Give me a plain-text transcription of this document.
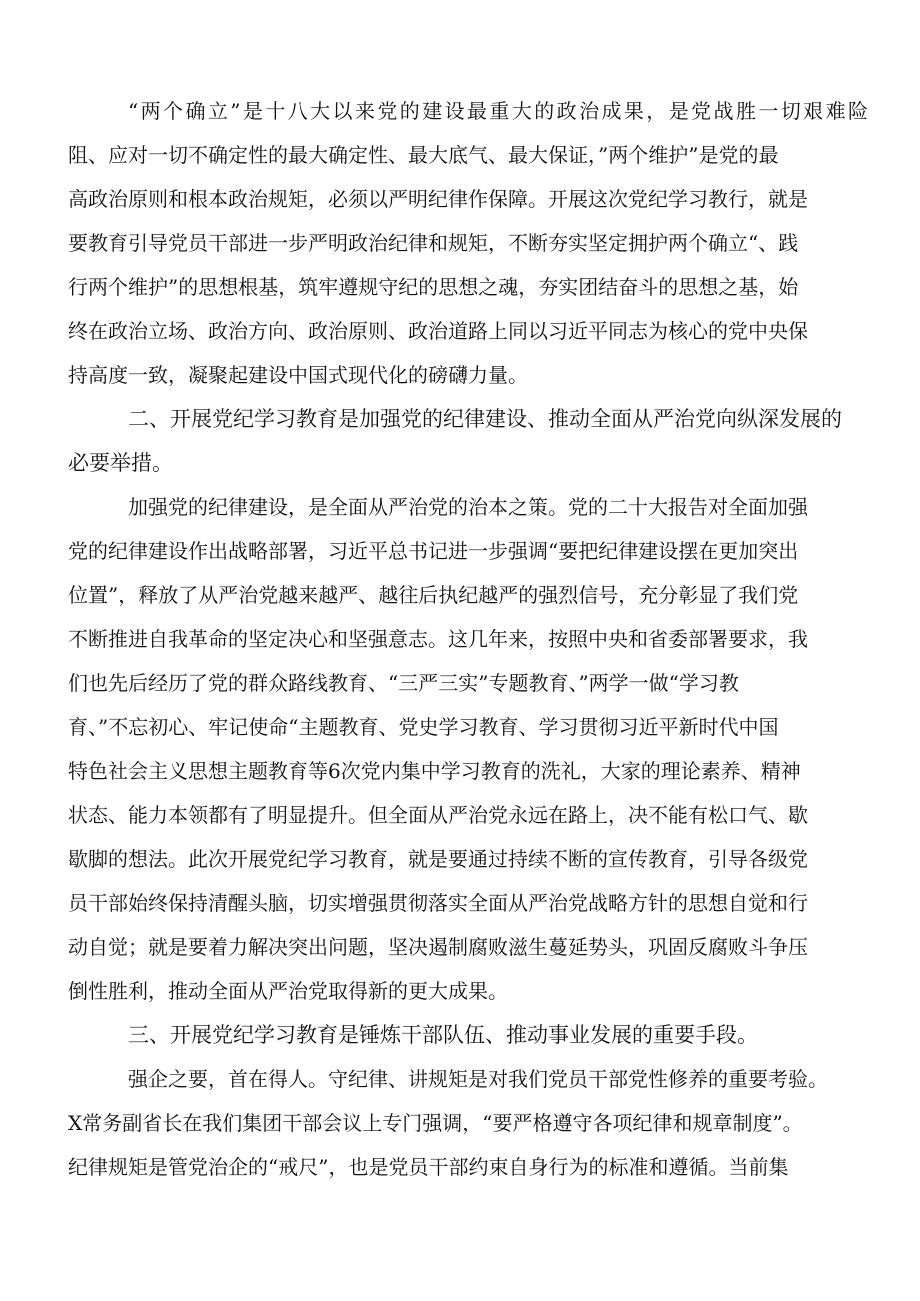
“两个确立”是十八大以来党的建设最重大的政治成果，是党战胜一切艰难险
阻、应对一切不确定性的最大确定性、最大底气、最大保证，”两个维护”是党的最
高政治原则和根本政治规矩，必须以严明纪律作保障。开展这次党纪学习教行，就是
要教育引导党员干部进一步严明政治纪律和规矩，不断夯实坚定拥护两个确立“、践
行两个维护”的思想根基，筑牢遵规守纪的思想之魂，夯实团结奋斗的思想之基，始
终在政治立场、政治方向、政治原则、政治道路上同以习近平同志为核心的党中央保
持高度一致，凝聚起建设中国式现代化的磅礴力量。
二、开展党纪学习教育是加强党的纪律建设、推动全面从严治党向纵深发展的
必要举措。
加强党的纪律建设，是全面从严治党的治本之策。党的二十大报告对全面加强
党的纪律建设作出战略部署，习近平总书记进一步强调“要把纪律建设摆在更加突出
位置”，释放了从严治党越来越严、越往后执纪越严的强烈信号，充分彰显了我们党
不断推进自我革命的坚定决心和坚强意志。这几年来，按照中央和省委部署要求，我
们也先后经历了党的群众路线教育、“三严三实”专题教育、”两学一做“学习教
育、”不忘初心、牢记使命“主题教育、党史学习教育、学习贯彻习近平新时代中国
特色社会主义思想主题教育等6次党内集中学习教育的洗礼，大家的理论素养、精神
状态、能力本领都有了明显提升。但全面从严治党永远在路上，决不能有松口气、歇
歇脚的想法。此次开展党纪学习教育，就是要通过持续不断的宣传教育，引导各级党
员干部始终保持清醒头脑，切实增强贯彻落实全面从严治党战略方针的思想自觉和行
动自觉；就是要着力解决突出问题，坚决遏制腐败滋生蔓延势头，巩固反腐败斗争压
倒性胜利，推动全面从严治党取得新的更大成果。
三、开展党纪学习教育是锤炼干部队伍、推动事业发展的重要手段。
强企之要，首在得人。守纪律、讲规矩是对我们党员干部党性修养的重要考验。
X常务副省长在我们集团干部会议上专门强调，“要严格遵守各项纪律和规章制度”。
纪律规矩是管党治企的“戒尺”，也是党员干部约束自身行为的标准和遵循。当前集
